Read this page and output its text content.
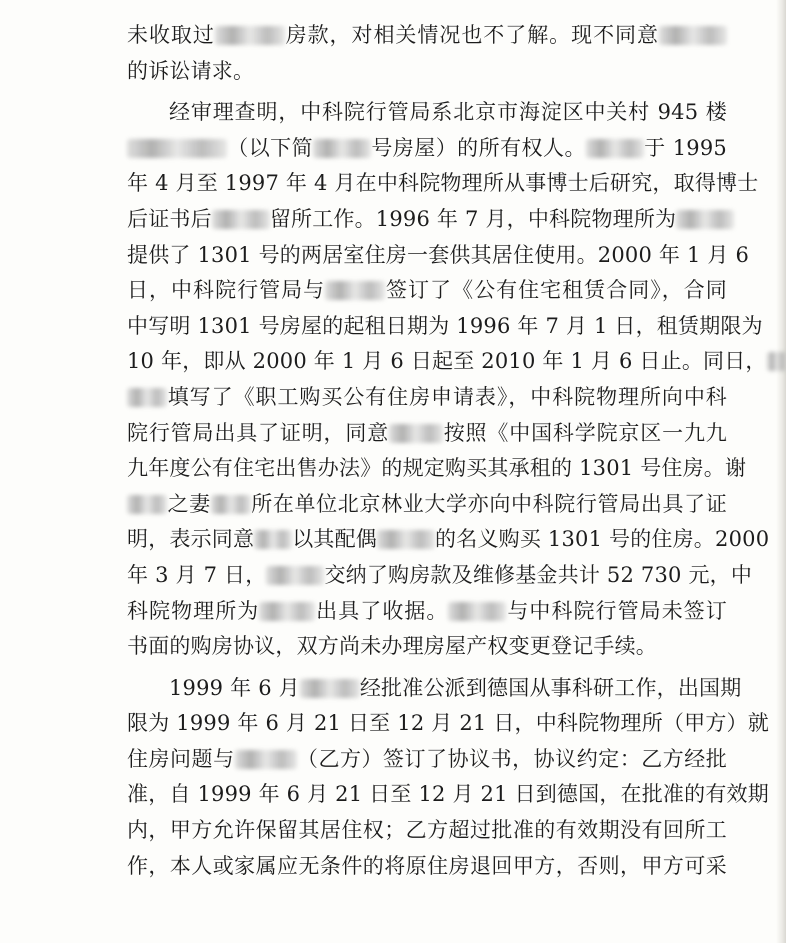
未收取过	房款，对相关情况也不了解。现不同意
的诉讼请求。
经审理查明，中科院行管局系北京市海淀区中关村 945 楼
（以下简	号房屋）的所有权人。	于 1995
年 4 月至 1997 年 4 月在中科院物理所从事博士后研究，取得博士
后证书后	留所工作。1996 年 7 月，中科院物理所为
提供了 1301 号的两居室住房一套供其居住使用。2000 年 1 月 6
日，中科院行管局与	签订了《公有住宅租赁合同》，合同
中写明 1301 号房屋的起租日期为 1996 年 7 月 1 日，租赁期限为
10 年，即从 2000 年 1 月 6 日起至 2010 年 1 月 6 日止。同日，
填写了《职工购买公有住房申请表》，中科院物理所向中科
院行管局出具了证明，同意	按照《中国科学院京区一九九
九年度公有住宅出售办法》的规定购买其承租的 1301 号住房。谢
之妻 所在单位北京林业大学亦向中科院行管局出具了证
明，表示同意 以其配偶	的名义购买 1301 号的住房。2000
年 3 月 7 日，	交纳了购房款及维修基金共计 52 730 元，中
科院物理所为	出具了收据。	与中科院行管局未签订
书面的购房协议，双方尚未办理房屋产权变更登记手续。
1999 年 6 月	经批准公派到德国从事科研工作，出国期
限为 1999 年 6 月 21 日至 12 月 21 日，中科院物理所（甲方）就
住房问题与	（乙方）签订了协议书，协议约定：乙方经批
准，自 1999 年 6 月 21 日至 12 月 21 日到德国，在批准的有效期
内，甲方允许保留其居住权；乙方超过批准的有效期没有回所工
作，本人或家属应无条件的将原住房退回甲方，否则，甲方可采
